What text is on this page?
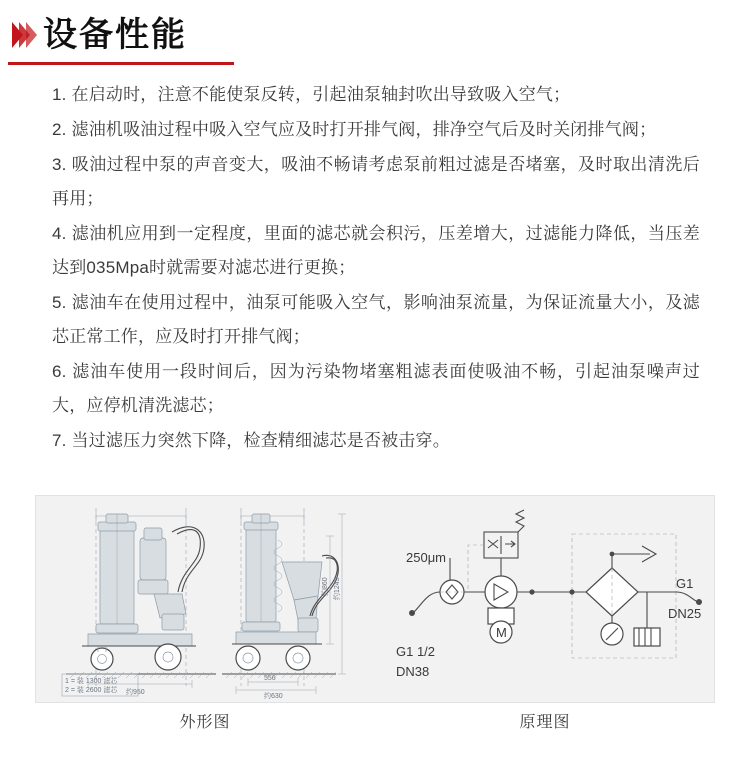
设备性能

1. 在启动时，注意不能使泵反转，引起油泵轴封吹出导致吸入空气；

2. 滤油机吸油过程中吸入空气应及时打开排气阀，排净空气后及时关闭排气阀；

3. 吸油过程中泵的声音变大，吸油不畅请考虑泵前粗过滤是否堵塞，及时取出清洗后再用；

4. 滤油机应用到一定程度，里面的滤芯就会积污，压差增大，过滤能力降低，当压差达到035Mpa时就需要对滤芯进行更换；

5. 滤油车在使用过程中，油泵可能吸入空气，影响油泵流量，为保证流量大小，及滤芯正常工作，应及时打开排气阀；

6. 滤油车使用一段时间后，因为污染物堵塞粗滤表面使吸油不畅，引起油泵噪声过大，应停机清洗滤芯；

7. 当过滤压力突然下降，检查精细滤芯是否被击穿。

约950
1 = 装 1300 滤芯
2 = 装 2600 滤芯
556
约630
约1249
约860
M
250μm
G1 1/2
DN38
G1
DN25
外形图	原理图
